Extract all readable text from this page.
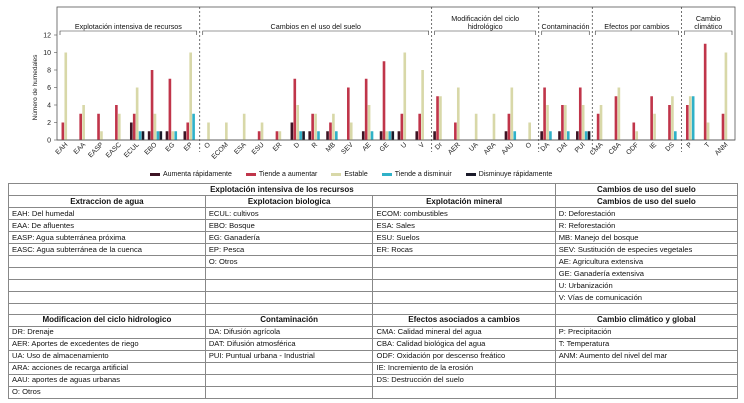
0
2
4
6
8
10
12
Número de humedales
Explotación intensiva de recursos	Cambios en el uso del suelo
Modificación del ciclo
hidrológico	Contaminación Efectos por cambios
Cambio
climático
EAH EAA EASP EASC ECUL EBO EG EP O
ECOM ESA ESU ER D R MB SEV AE GE U V Dr AER UA ARA AAU O DA DAt PUI CMA CBA ODF IE DS P T ANM
Aumenta rápidamente	Tiende a aumentar	Estable	Tiende a disminuir	Disminuye rápidamente
Explotación intensiva de los recursos			Cambios de uso del suelo
Extraccion de agua	Explotacion biologica	Explotación mineral	Cambios de uso del suelo
EAH: Del humedal	ECUL: cultivos	ECOM: combustibles	D: Deforestación
EAA: De afluentes	EBO: Bosque	ESA: Sales	R: Reforestación
EASP: Agua subterránea próxima	EG: Ganadería	ESU: Suelos	MB: Manejo del bosque
EASC: Agua subterránea de la cuenca	EP: Pesca	ER: Rocas	SEV: Sustitución de especies vegetales
	O: Otros		AE: Agricultura extensiva
			GE: Ganadería extensiva
			U: Urbanización
			V: Vías de comunicación

Modificacion del ciclo hidrologico	Contaminación	Efectos asociados a cambios	Cambio climático y global
DR: Drenaje	DA: Difusión agrícola	CMA: Calidad mineral del agua	P: Precipitación
AER: Aportes de excedentes de riego	DAT: Difusión atmosférica	CBA: Calidad biológica del agua	T: Temperatura
UA: Uso de almacenamiento	PUI: Puntual urbana - Industrial	ODF: Oxidación por descenso freático	ANM: Aumento del nivel del mar
ARA: acciones de recarga artificial		IE: Incremiento de la erosión	
AAU: aportes de aguas urbanas		DS: Destrucción del suelo	
O: Otros			
